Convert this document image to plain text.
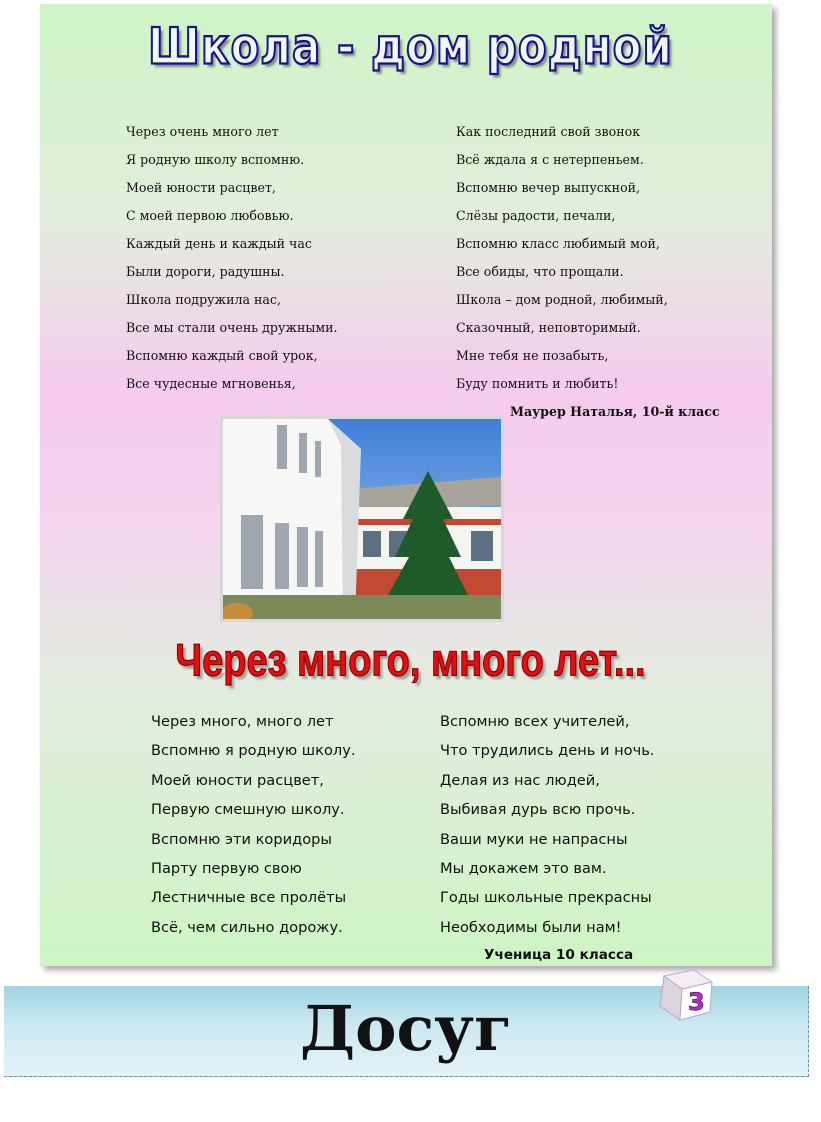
Школа - дом родной
Через очень много лет
Я родную школу вспомню.
Моей юности расцвет,
С моей первою любовью.
Каждый день и каждый час
Были дороги, радушны.
Школа подружила нас,
Все мы стали очень дружными.
Вспомню каждый свой урок,
Все чудесные мгновенья,
Как последний свой звонок
Всё ждала я с нетерпеньем.
Вспомню вечер выпускной,
Слёзы радости, печали,
Вспомню класс любимый мой,
Все обиды, что прощали.
Школа – дом родной, любимый,
Сказочный, неповторимый.
Мне тебя не позабыть,
Буду помнить и любить!
Маурер Наталья, 10-й класс
Через много, много лет...
Через много, много лет
Вспомню я родную школу.
Моей юности расцвет,
Первую смешную школу.
Вспомню эти коридоры
Парту первую свою
Лестничные все пролёты
Всё, чем сильно дорожу.
Вспомню всех учителей,
Что трудились день и ночь.
Делая из нас людей,
Выбивая дурь всю прочь.
Ваши муки не напрасны
Мы докажем это вам.
Годы школьные прекрасны
Необходимы были нам!
Ученица 10 класса
Досуг	3
